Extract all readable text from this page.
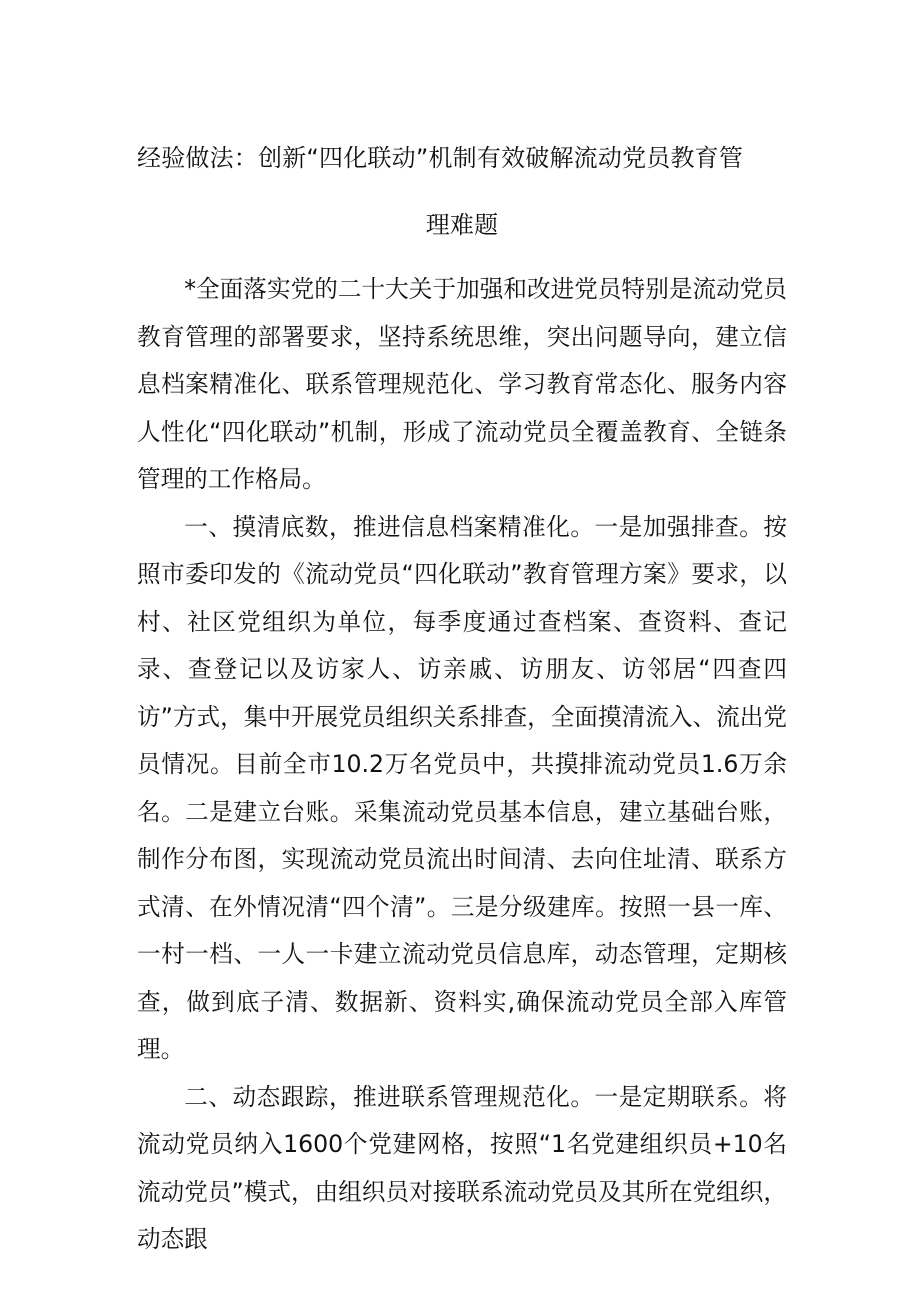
经验做法：创新“四化联动”机制有效破解流动党员教育管
理难题

*全面落实党的二十大关于加强和改进党员特别是流动党员教育管理的部署要求，坚持系统思维，突出问题导向，建立信息档案精准化、联系管理规范化、学习教育常态化、服务内容人性化“四化联动”机制，形成了流动党员全覆盖教育、全链条管理的工作格局。

一、摸清底数，推进信息档案精准化。一是加强排查。按照市委印发的《流动党员“四化联动”教育管理方案》要求，以村、社区党组织为单位，每季度通过查档案、查资料、查记录、查登记以及访家人、访亲戚、访朋友、访邻居“四查四访”方式，集中开展党员组织关系排查，全面摸清流入、流出党员情况。目前全市10.2万名党员中，共摸排流动党员1.6万余名。二是建立台账。采集流动党员基本信息，建立基础台账，制作分布图，实现流动党员流出时间清、去向住址清、联系方式清、在外情况清“四个清”。三是分级建库。按照一县一库、一村一档、一人一卡建立流动党员信息库，动态管理，定期核查，做到底子清、数据新、资料实,确保流动党员全部入库管理。

二、动态跟踪，推进联系管理规范化。一是定期联系。将流动党员纳入1600个党建网格，按照“1名党建组织员+10名流动党员”模式，由组织员对接联系流动党员及其所在党组织，动态跟
